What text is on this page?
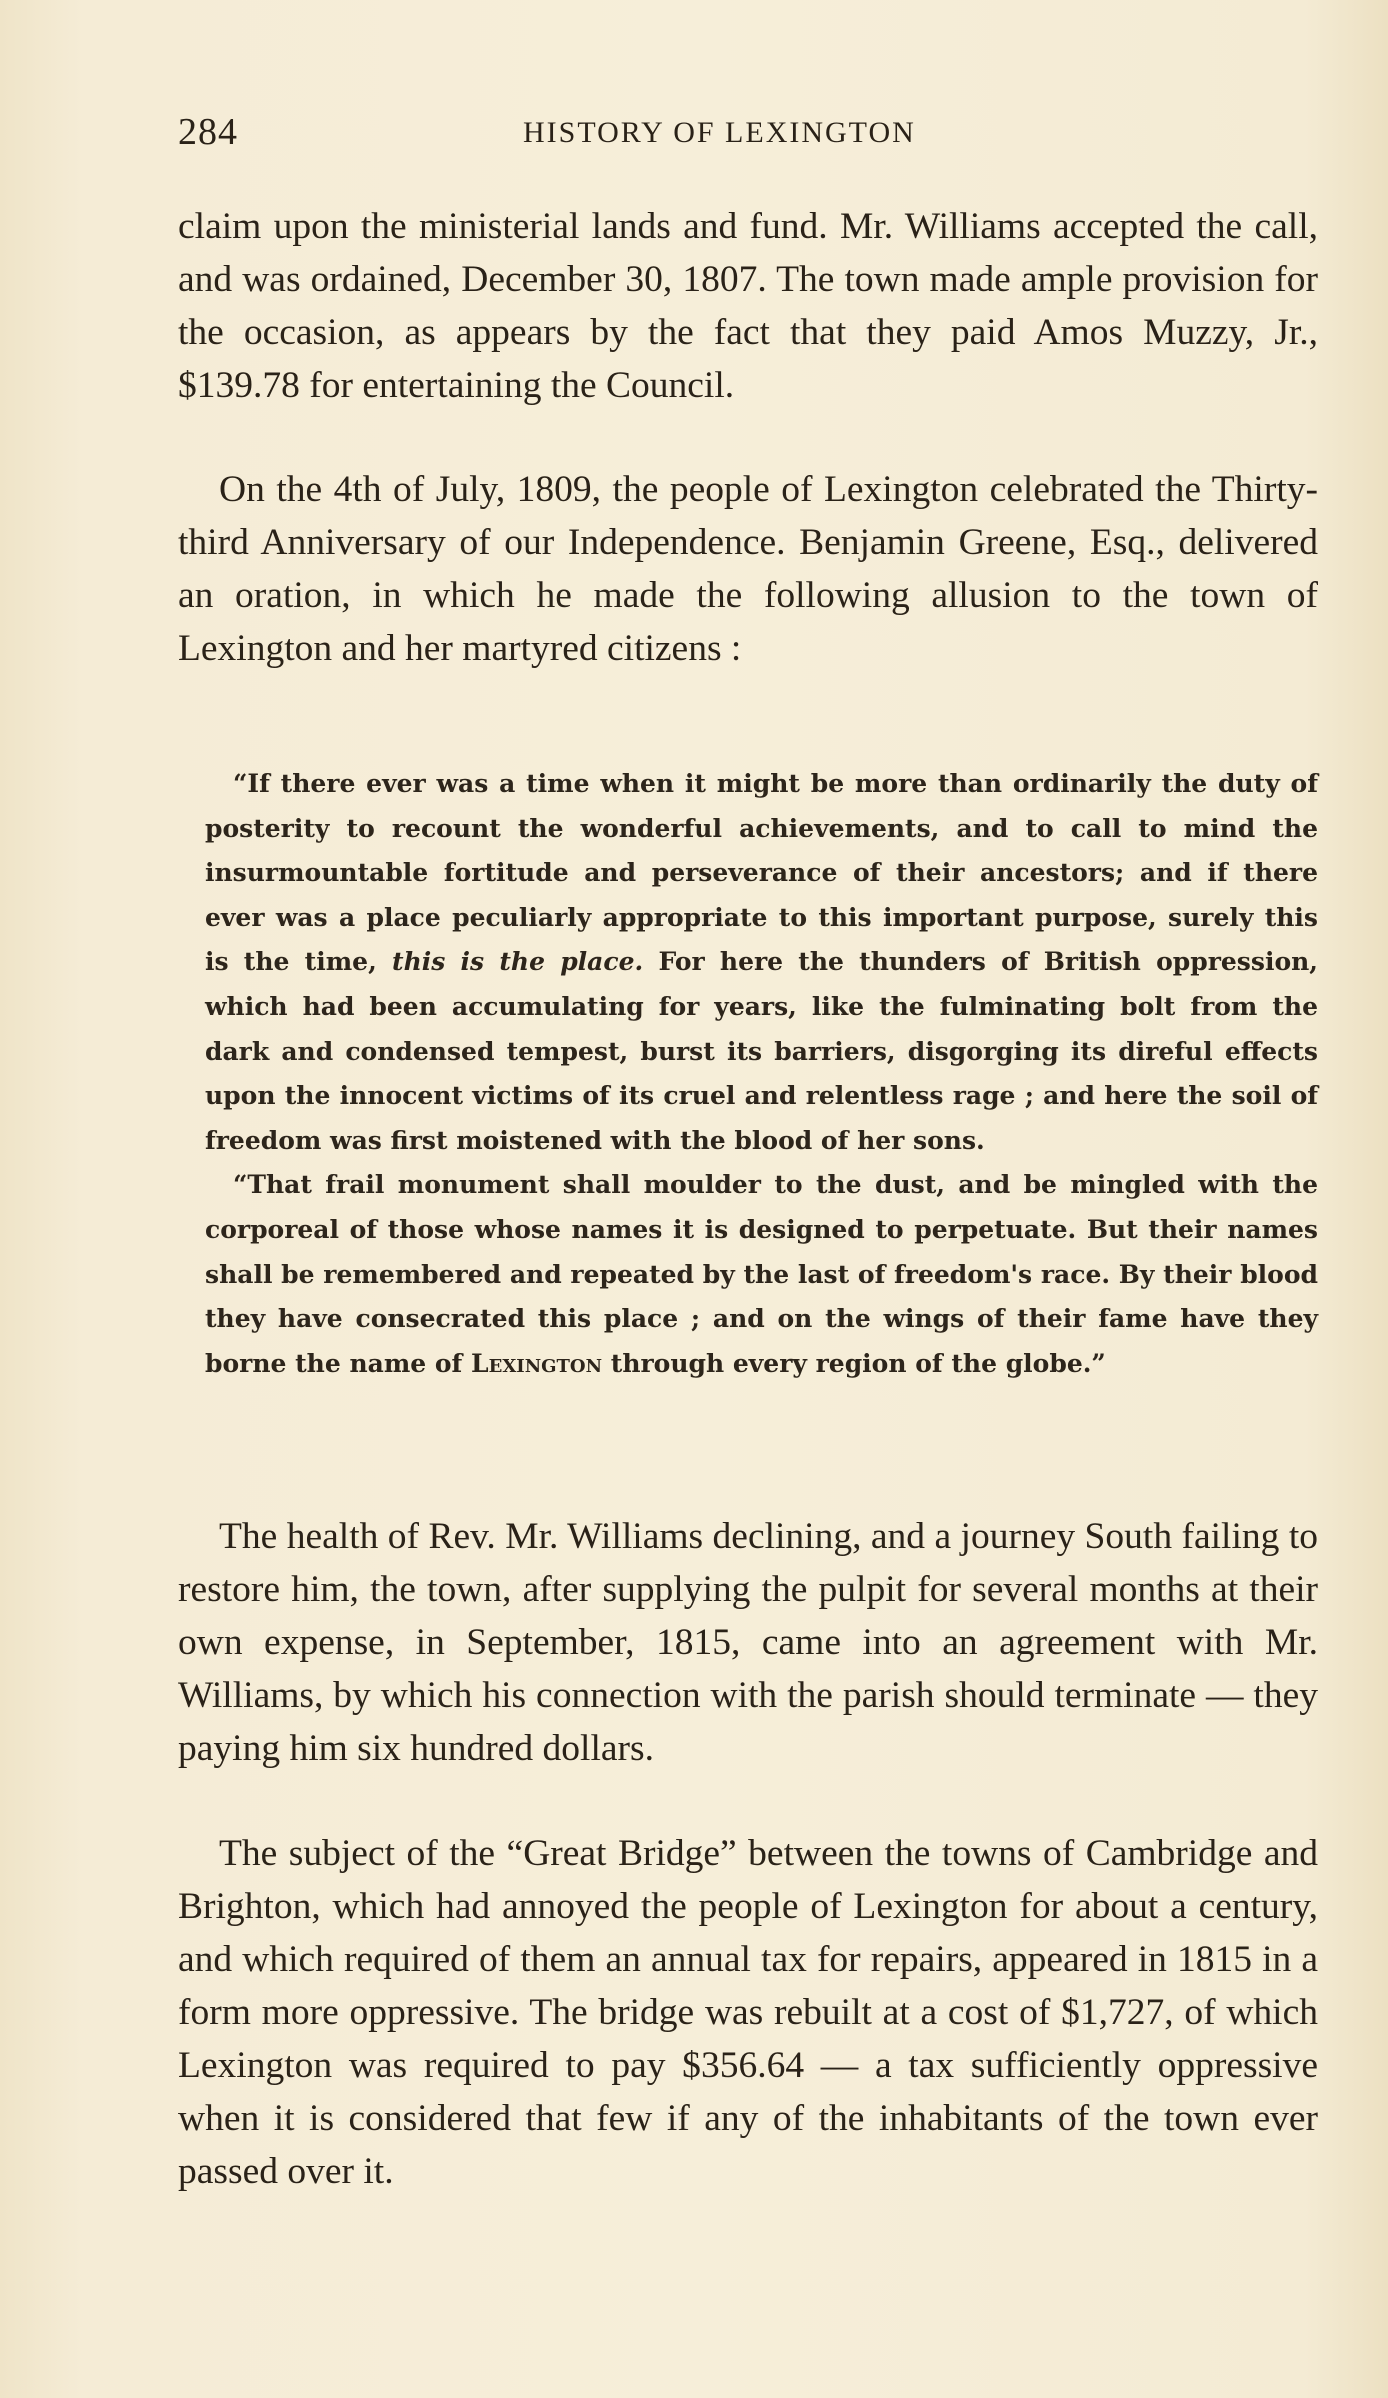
284	HISTORY OF LEXINGTON

claim upon the ministerial lands and fund. Mr. Williams accepted the call, and was ordained, December 30, 1807. The town made ample provision for the occasion, as appears by the fact that they paid Amos Muzzy, Jr., $139.78 for entertaining the Council.

On the 4th of July, 1809, the people of Lexington celebrated the Thirty-third Anniversary of our Independence. Benjamin Greene, Esq., delivered an oration, in which he made the following allusion to the town of Lexington and her martyred citizens :

“If there ever was a time when it might be more than ordinarily the duty of posterity to recount the wonderful achievements, and to call to mind the insurmountable fortitude and perseverance of their ancestors; and if there ever was a place peculiarly appropriate to this important purpose, surely this is the time, this is the place. For here the thunders of British oppression, which had been accumulating for years, like the fulminating bolt from the dark and condensed tempest, burst its barriers, disgorging its direful effects upon the innocent victims of its cruel and relentless rage ; and here the soil of freedom was first moistened with the blood of her sons.

“That frail monument shall moulder to the dust, and be mingled with the corporeal of those whose names it is designed to perpetuate. But their names shall be remembered and repeated by the last of freedom's race. By their blood they have consecrated this place ; and on the wings of their fame have they borne the name of Lexington through every region of the globe.”

The health of Rev. Mr. Williams declining, and a journey South failing to restore him, the town, after supplying the pulpit for several months at their own expense, in September, 1815, came into an agreement with Mr. Williams, by which his connection with the parish should terminate — they paying him six hundred dollars.

The subject of the “Great Bridge” between the towns of Cambridge and Brighton, which had annoyed the people of Lexington for about a century, and which required of them an annual tax for repairs, appeared in 1815 in a form more oppressive. The bridge was rebuilt at a cost of $1,727, of which Lexington was required to pay $356.64 — a tax sufficiently oppressive when it is considered that few if any of the inhabitants of the town ever passed over it.
